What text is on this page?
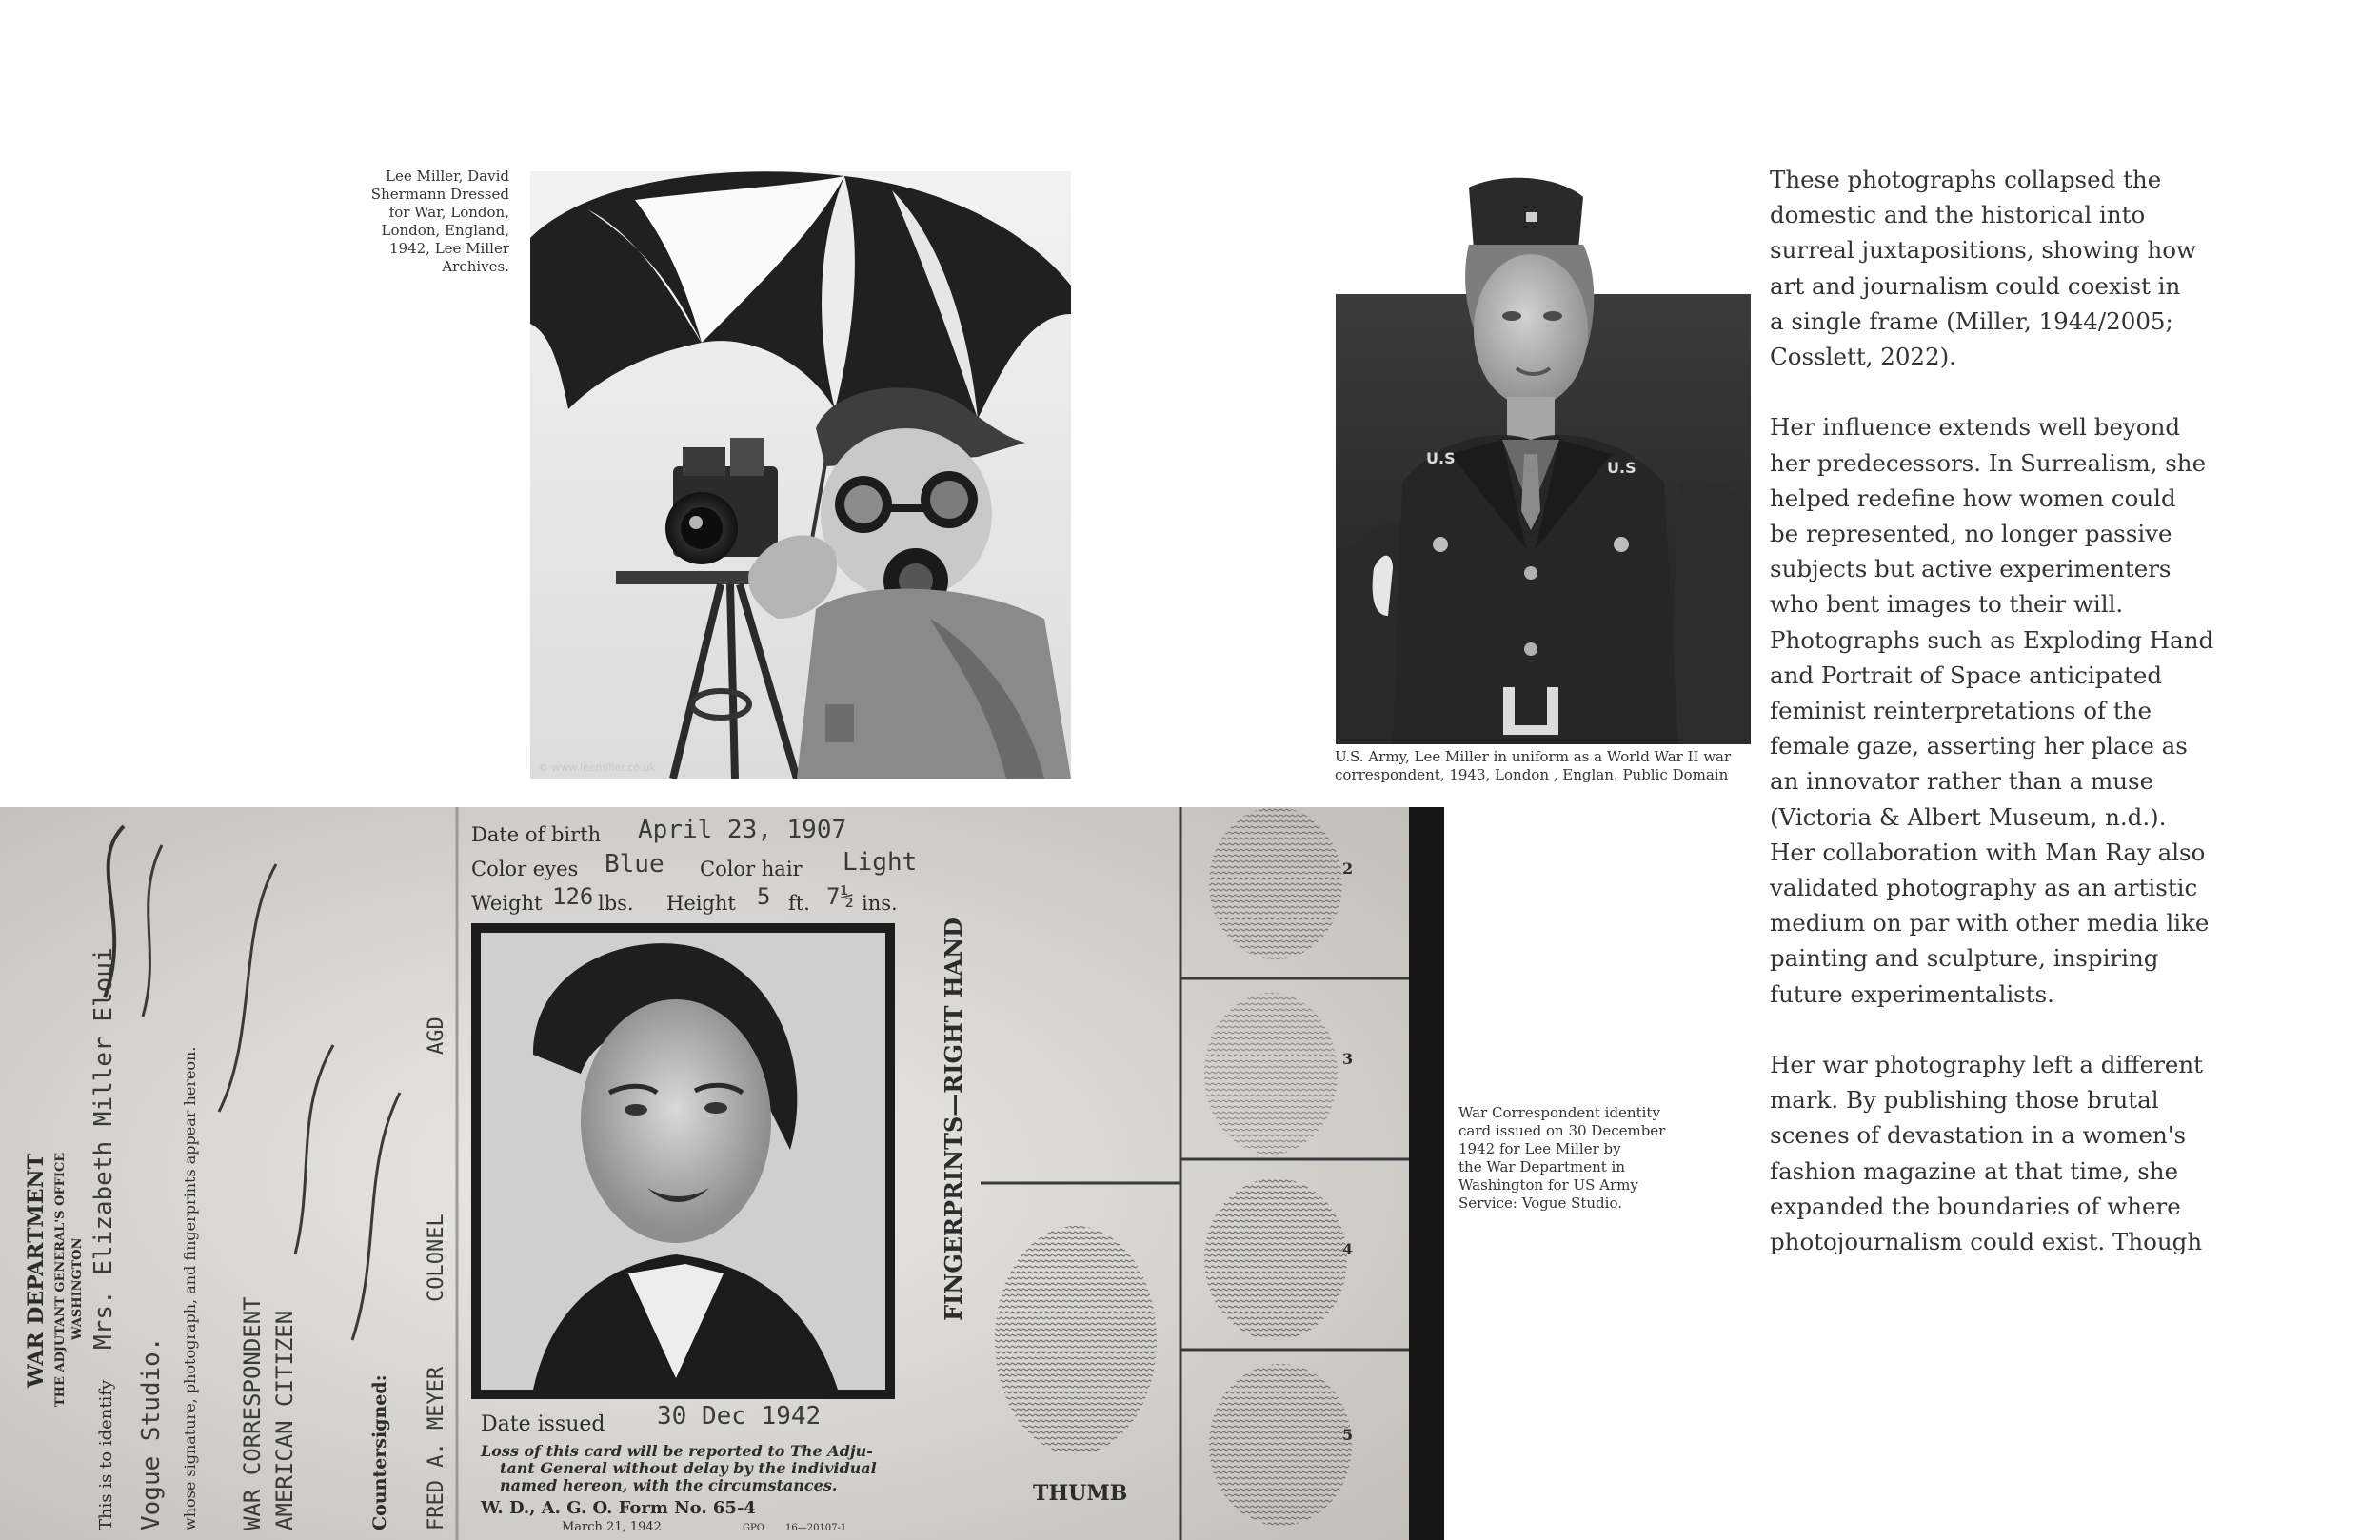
Lee Miller, David
Shermann Dressed
for War, London,
London, England,
1942, Lee Miller
Archives.
© www.leemiller.co.uk
U.S
U.S
U.S. Army, Lee Miller in uniform as a World War II war
correspondent, 1943, London , Englan. Public Domain
WAR DEPARTMENT THE ADJUTANT GENERAL'S OFFICE WASHINGTON
This is to identify
Mrs. Elizabeth Miller Eloui
Vogue Studio. whose signature, photograph, and fingerprints appear hereon. WAR CORRESPONDENT AMERICAN CITIZEN	Countersigned: FRED A. MEYER
COLONEL
AGD
Date of birth April 23, 1907
Color eyes Blue Color hair Light
Weight 126 lbs. Height 5 ft. 7½ ins.
Date issued 30 Dec 1942
Loss of this card will be reported to The Adju-
tant General without delay by the individual
named hereon, with the circumstances.
W. D., A. G. O. Form No. 65-4
March 21, 1942	GPO 16—20107-1
FINGERPRINTS—RIGHT HAND
2
3
4
5
THUMB
War Correspondent identity
card issued on 30 December
1942 for Lee Miller by
the War Department in
Washington for US Army
Service: Vogue Studio.

These photographs collapsed the
domestic and the historical into
surreal juxtapositions, showing how
art and journalism could coexist in
a single frame (Miller, 1944/2005;
Cosslett, 2022).

Her influence extends well beyond
her predecessors. In Surrealism, she
helped redefine how women could
be represented, no longer passive
subjects but active experimenters
who bent images to their will.
Photographs such as Exploding Hand
and Portrait of Space anticipated
feminist reinterpretations of the
female gaze, asserting her place as
an innovator rather than a muse
(Victoria & Albert Museum, n.d.).
Her collaboration with Man Ray also
validated photography as an artistic
medium on par with other media like
painting and sculpture, inspiring
future experimentalists.

Her war photography left a different
mark. By publishing those brutal
scenes of devastation in a women's
fashion magazine at that time, she
expanded the boundaries of where
photojournalism could exist. Though
